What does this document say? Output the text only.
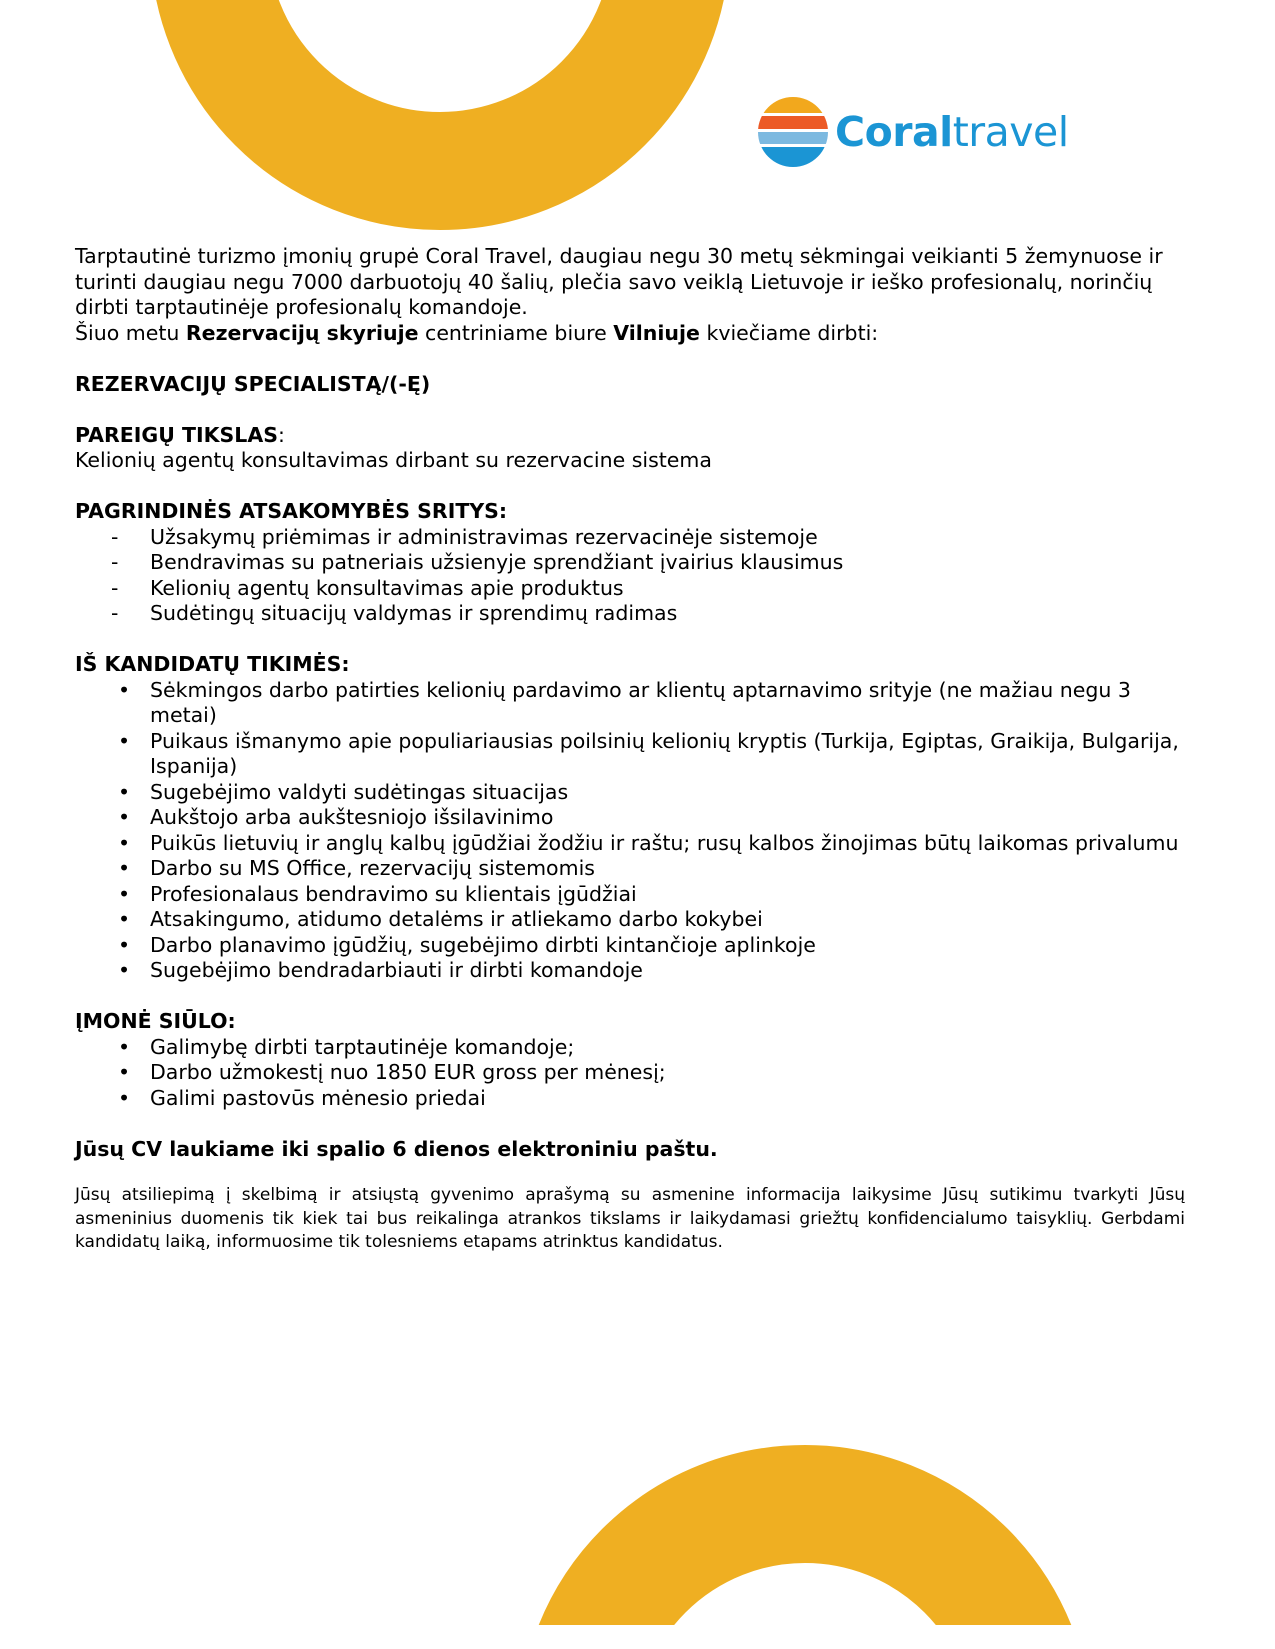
Coraltravel

Tarptautinė turizmo įmonių grupė Coral Travel, daugiau negu 30 metų sėkmingai veikianti 5 žemynuose ir turinti daugiau negu 7000 darbuotojų 40 šalių, plečia savo veiklą Lietuvoje ir ieško profesionalų, norinčių dirbti tarptautinėje profesionalų komandoje.

Šiuo metu Rezervacijų skyriuje centriniame biure Vilniuje kviečiame dirbti:

REZERVACIJŲ SPECIALISTĄ/(-Ę)

PAREIGŲ TIKSLAS:

Kelionių agentų konsultavimas dirbant su rezervacine sistema

PAGRINDINĖS ATSAKOMYBĖS SRITYS:

- Užsakymų priėmimas ir administravimas rezervacinėje sistemoje
- Bendravimas su patneriais užsienyje sprendžiant įvairius klausimus
- Kelionių agentų konsultavimas apie produktus
- Sudėtingų situacijų valdymas ir sprendimų radimas

IŠ KANDIDATŲ TIKIMĖS:

• Sėkmingos darbo patirties kelionių pardavimo ar klientų aptarnavimo srityje (ne mažiau negu 3 metai)
• Puikaus išmanymo apie populiariausias poilsinių kelionių kryptis (Turkija, Egiptas, Graikija, Bulgarija, Ispanija)
• Sugebėjimo valdyti sudėtingas situacijas
• Aukštojo arba aukštesniojo išsilavinimo
• Puikūs lietuvių ir anglų kalbų įgūdžiai žodžiu ir raštu; rusų kalbos žinojimas būtų laikomas privalumu
• Darbo su MS Office, rezervacijų sistemomis
• Profesionalaus bendravimo su klientais įgūdžiai
• Atsakingumo, atidumo detalėms ir atliekamo darbo kokybei
• Darbo planavimo įgūdžių, sugebėjimo dirbti kintančioje aplinkoje
• Sugebėjimo bendradarbiauti ir dirbti komandoje

ĮMONĖ SIŪLO:

• Galimybę dirbti tarptautinėje komandoje;
• Darbo užmokestį nuo 1850 EUR gross per mėnesį;
• Galimi pastovūs mėnesio priedai

Jūsų CV laukiame iki spalio 6 dienos elektroniniu paštu.

Jūsų atsiliepimą į skelbimą ir atsiųstą gyvenimo aprašymą su asmenine informacija laikysime Jūsų sutikimu tvarkyti Jūsų asmeninius duomenis tik kiek tai bus reikalinga atrankos tikslams ir laikydamasi griežtų konfidencialumo taisyklių. Gerbdami kandidatų laiką, informuosime tik tolesniems etapams atrinktus kandidatus.
